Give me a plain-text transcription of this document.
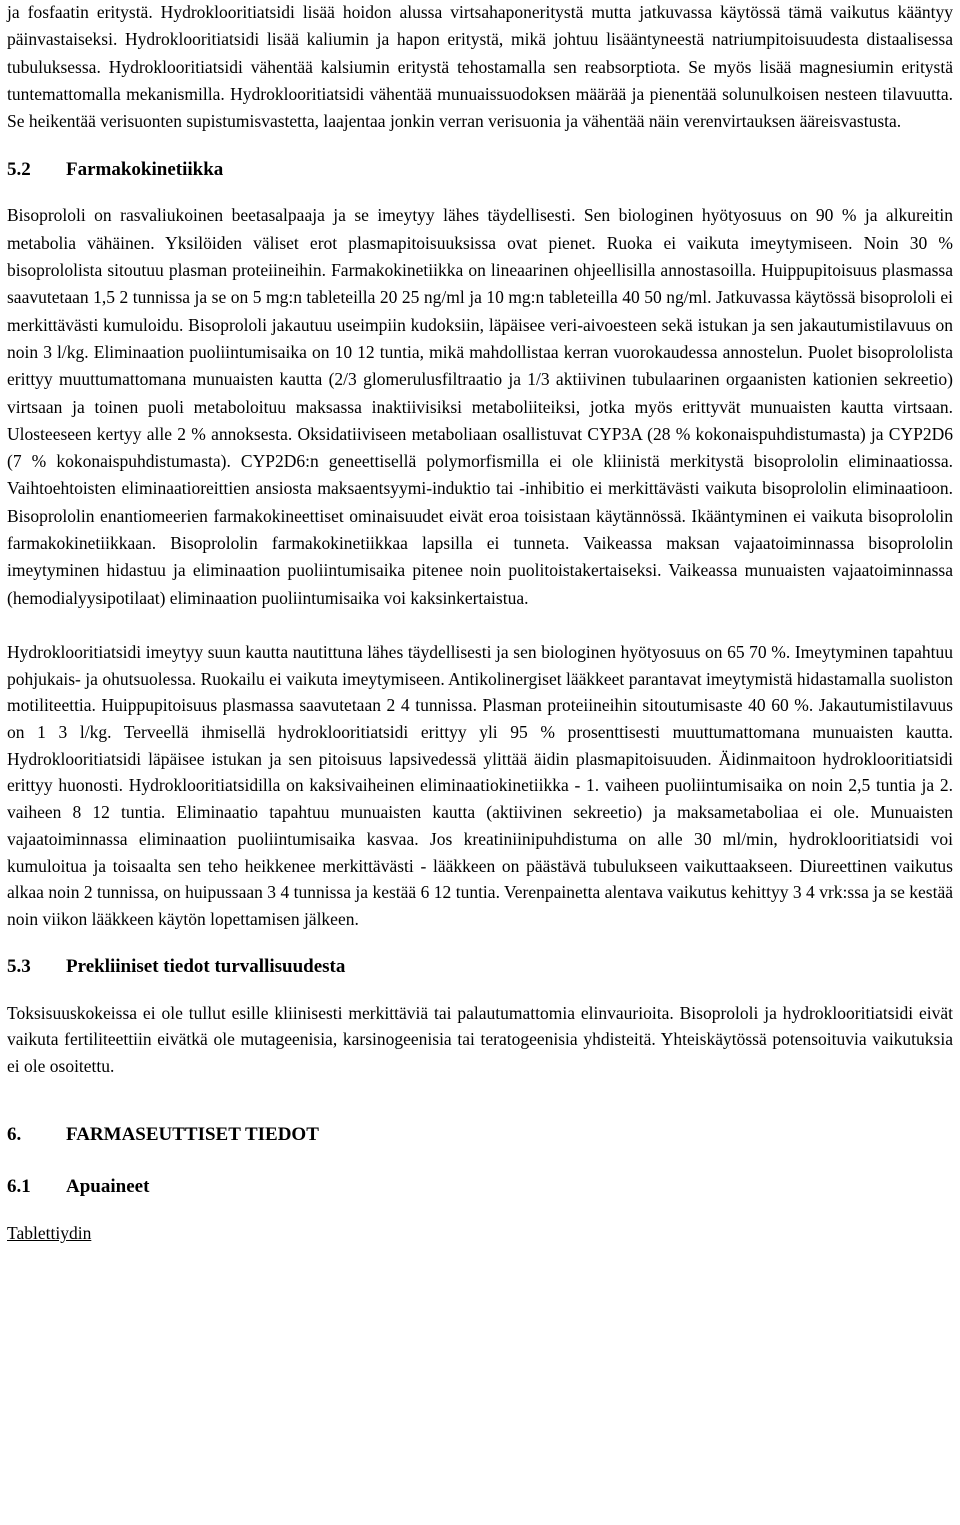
ja fosfaatin eritystä. Hydroklooritiatsidi lisää hoidon alussa virtsahaponeritystä mutta jatkuvassa käytössä tämä vaikutus kääntyy päinvastaiseksi. Hydroklooritiatsidi lisää kaliumin ja hapon eritystä, mikä johtuu lisääntyneestä natriumpitoisuudesta distaalisessa tubuluksessa. Hydroklooritiatsidi vähentää kalsiumin eritystä tehostamalla sen reabsorptiota. Se myös lisää magnesiumin eritystä tuntemattomalla mekanismilla. Hydroklooritiatsidi vähentää munuaissuodoksen määrää ja pienentää solunulkoisen nesteen tilavuutta. Se heikentää verisuonten supistumisvastetta, laajentaa jonkin verran verisuonia ja vähentää näin verenvirtauksen ääreisvastusta.

5.2	Farmakokinetiikka

Bisoprololi on rasvaliukoinen beetasalpaaja ja se imeytyy lähes täydellisesti. Sen biologinen hyötyosuus on 90 % ja alkureitin metabolia vähäinen. Yksilöiden väliset erot plasmapitoisuuksissa ovat pienet. Ruoka ei vaikuta imeytymiseen. Noin 30 % bisoprololista sitoutuu plasman proteiineihin. Farmakokinetiikka on lineaarinen ohjeellisilla annostasoilla. Huippupitoisuus plasmassa saavutetaan 1,5 2 tunnissa ja se on 5 mg:n tableteilla 20 25 ng/ml ja 10 mg:n tableteilla 40 50 ng/ml. Jatkuvassa käytössä bisoprololi ei merkittävästi kumuloidu. Bisoprololi jakautuu useimpiin kudoksiin, läpäisee veri-aivoesteen sekä istukan ja sen jakautumistilavuus on noin 3 l/kg. Eliminaation puoliintumisaika on 10 12 tuntia, mikä mahdollistaa kerran vuorokaudessa annostelun. Puolet bisoprololista erittyy muuttumattomana munuaisten kautta (2/3 glomerulusfiltraatio ja 1/3 aktiivinen tubulaarinen orgaanisten kationien sekreetio) virtsaan ja toinen puoli metaboloituu maksassa inaktiivisiksi metaboliiteiksi, jotka myös erittyvät munuaisten kautta virtsaan. Ulosteeseen kertyy alle 2 % annoksesta. Oksidatiiviseen metaboliaan osallistuvat CYP3A (28 % kokonaispuhdistumasta) ja CYP2D6 (7 % kokonaispuhdistumasta). CYP2D6:n geneettisellä polymorfismilla ei ole kliinistä merkitystä bisoprololin eliminaatiossa. Vaihtoehtoisten eliminaatioreittien ansiosta maksaentsyymi-induktio tai -inhibitio ei merkittävästi vaikuta bisoprololin eliminaatioon. Bisoprololin enantiomeerien farmakokineettiset ominaisuudet eivät eroa toisistaan käytännössä. Ikääntyminen ei vaikuta bisoprololin farmakokinetiikkaan. Bisoprololin farmakokinetiikkaa lapsilla ei tunneta. Vaikeassa maksan vajaatoiminnassa bisoprololin imeytyminen hidastuu ja eliminaation puoliintumisaika pitenee noin puolitoistakertaiseksi. Vaikeassa munuaisten vajaatoiminnassa (hemodialyysipotilaat) eliminaation puoliintumisaika voi kaksinkertaistua.

Hydroklooritiatsidi imeytyy suun kautta nautittuna lähes täydellisesti ja sen biologinen hyötyosuus on 65 70 %. Imeytyminen tapahtuu pohjukais- ja ohutsuolessa. Ruokailu ei vaikuta imeytymiseen. Antikolinergiset lääkkeet parantavat imeytymistä hidastamalla suoliston motiliteettia. Huippupitoisuus plasmassa saavutetaan 2 4 tunnissa. Plasman proteiineihin sitoutumisaste 40 60 %. Jakautumistilavuus on 1 3 l/kg. Terveellä ihmisellä hydroklooritiatsidi erittyy yli 95 % prosenttisesti muuttumattomana munuaisten kautta. Hydroklooritiatsidi läpäisee istukan ja sen pitoisuus lapsivedessä ylittää äidin plasmapitoisuuden. Äidinmaitoon hydroklooritiatsidi erittyy huonosti. Hydroklooritiatsidilla on kaksivaiheinen eliminaatiokinetiikka - 1. vaiheen puoliintumisaika on noin 2,5 tuntia ja 2. vaiheen 8 12 tuntia. Eliminaatio tapahtuu munuaisten kautta (aktiivinen sekreetio) ja maksametaboliaa ei ole. Munuaisten vajaatoiminnassa eliminaation puoliintumisaika kasvaa. Jos kreatiniinipuhdistuma on alle 30 ml/min, hydroklooritiatsidi voi kumuloitua ja toisaalta sen teho heikkenee merkittävästi - lääkkeen on päästävä tubulukseen vaikuttaakseen. Diureettinen vaikutus alkaa noin 2 tunnissa, on huipussaan 3 4 tunnissa ja kestää 6 12 tuntia. Verenpainetta alentava vaikutus kehittyy 3 4 vrk:ssa ja se kestää noin viikon lääkkeen käytön lopettamisen jälkeen.

5.3	Prekliiniset tiedot turvallisuudesta

Toksisuuskokeissa ei ole tullut esille kliinisesti merkittäviä tai palautumattomia elinvaurioita. Bisoprololi ja hydroklooritiatsidi eivät vaikuta fertiliteettiin eivätkä ole mutageenisia, karsinogeenisia tai teratogeenisia yhdisteitä. Yhteiskäytössä potensoituvia vaikutuksia ei ole osoitettu.

6.	FARMASEUTTISET TIEDOT
6.1	Apuaineet
Tablettiydin
